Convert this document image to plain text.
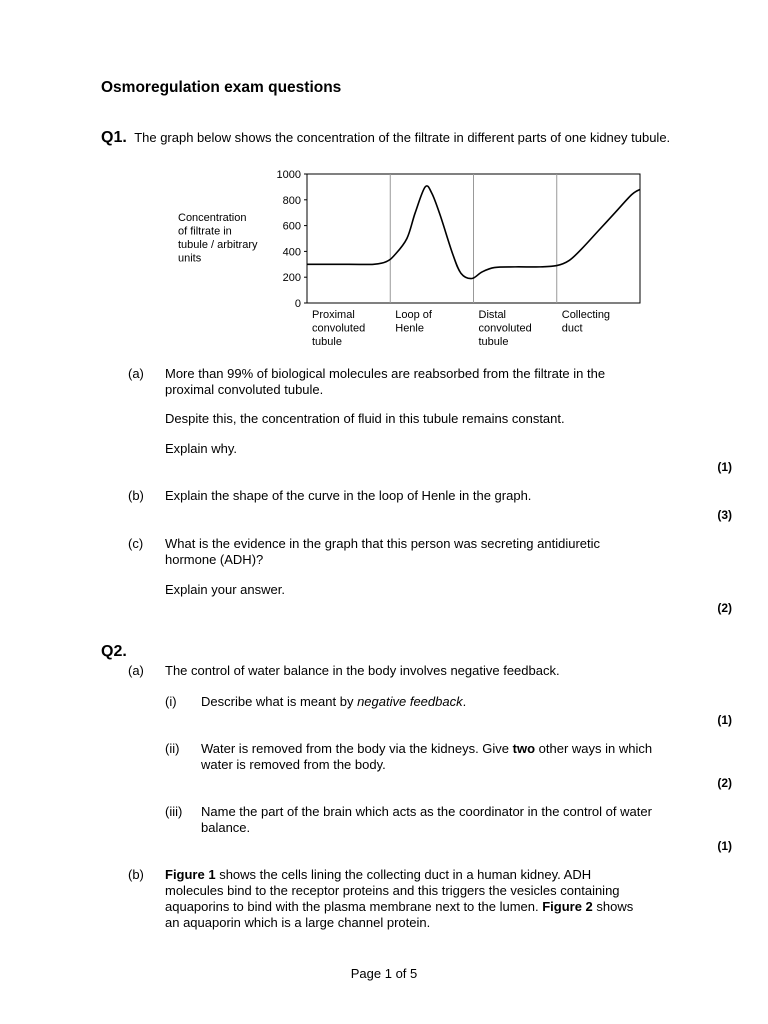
Osmoregulation exam questions
Q1. The graph below shows the concentration of the filtrate in different parts of one kidney tubule.
Concentration
of filtrate in
tubule / arbitrary
units
0
200
400
600
800
1000
Proximal
convoluted
tubule
Loop of
Henle
Distal
convoluted
tubule
Collecting
duct
(a) More than 99% of biological molecules are reabsorbed from the filtrate in the
proximal convoluted tubule.
Despite this, the concentration of fluid in this tubule remains constant.
Explain why.
(1)
(b) Explain the shape of the curve in the loop of Henle in the graph.
(3)
(c) What is the evidence in the graph that this person was secreting antidiuretic
hormone (ADH)?
Explain your answer.
(2)
Q2.
(a) The control of water balance in the body involves negative feedback.
(i) Describe what is meant by negative feedback.
(1)
(ii) Water is removed from the body via the kidneys. Give two other ways in which
water is removed from the body.
(2)
(iii) Name the part of the brain which acts as the coordinator in the control of water
balance.
(1)
(b) Figure 1 shows the cells lining the collecting duct in a human kidney. ADH
molecules bind to the receptor proteins and this triggers the vesicles containing
aquaporins to bind with the plasma membrane next to the lumen. Figure 2 shows
an aquaporin which is a large channel protein.
Page 1 of 5
